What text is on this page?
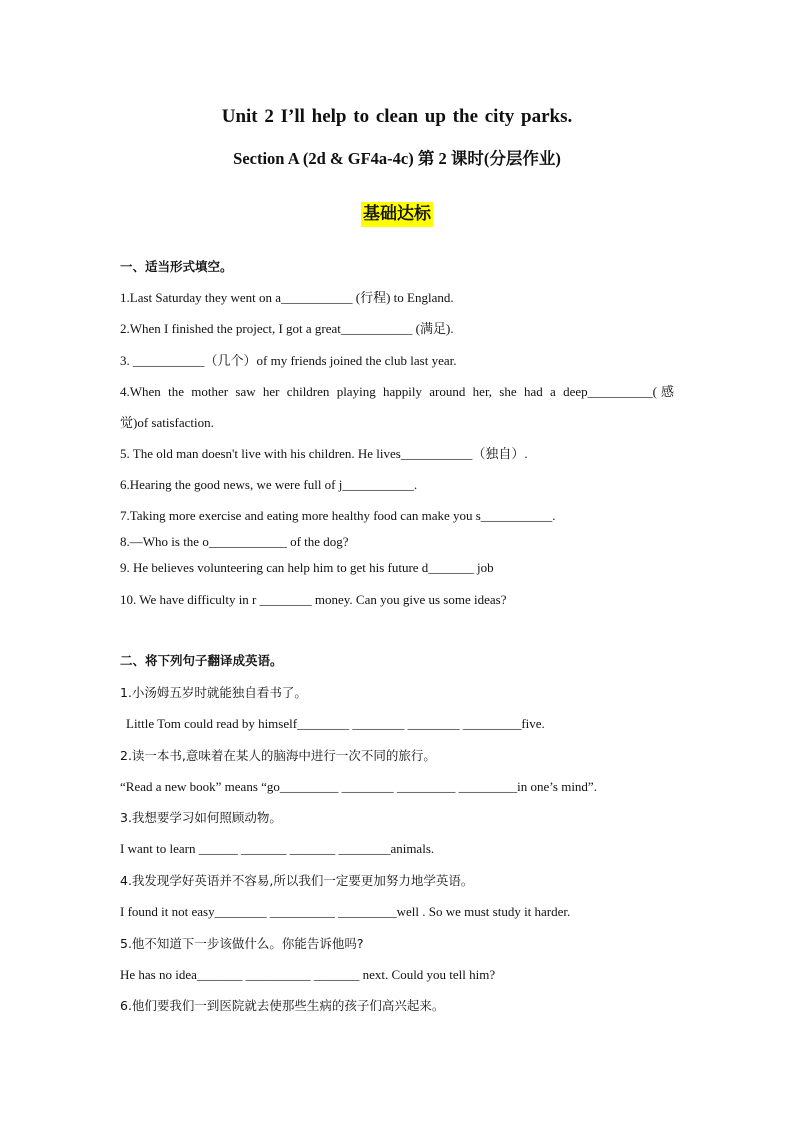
Unit 2 I’ll help to clean up the city parks.
Section A (2d & GF4a-4c) 第 2 课时(分层作业)
基础达标
一、适当形式填空。
1.Last Saturday they went on a___________ (行程) to England.
2.When I finished the project, I got a great___________ (满足).
3. ___________（几个）of my friends joined the club last year.
4.When the mother saw her children playing happily around her, she had a deep__________(感
觉)of satisfaction.
5. The old man doesn't live with his children. He lives___________（独自）.
6.Hearing the good news, we were full of j___________.
7.Taking more exercise and eating more healthy food can make you s___________.
8.—Who is the o____________ of the dog?
9. He believes volunteering can help him to get his future d_______ job
10. We have difficulty in r ________ money. Can you give us some ideas?
二、将下列句子翻译成英语。
1.小汤姆五岁时就能独自看书了。
Little Tom could read by himself________ ________ ________ _________five.
2.读一本书,意味着在某人的脑海中进行一次不同的旅行。
“Read a new book” means “go_________ ________ _________ _________in one’s mind”.
3.我想要学习如何照顾动物。
I want to learn ______ _______ _______ ________animals.
4.我发现学好英语并不容易,所以我们一定要更加努力地学英语。
I found it not easy________ __________ _________well . So we must study it harder.
5.他不知道下一步该做什么。你能告诉他吗?
He has no idea_______ __________ _______ next. Could you tell him?
6.他们要我们一到医院就去使那些生病的孩子们高兴起来。
